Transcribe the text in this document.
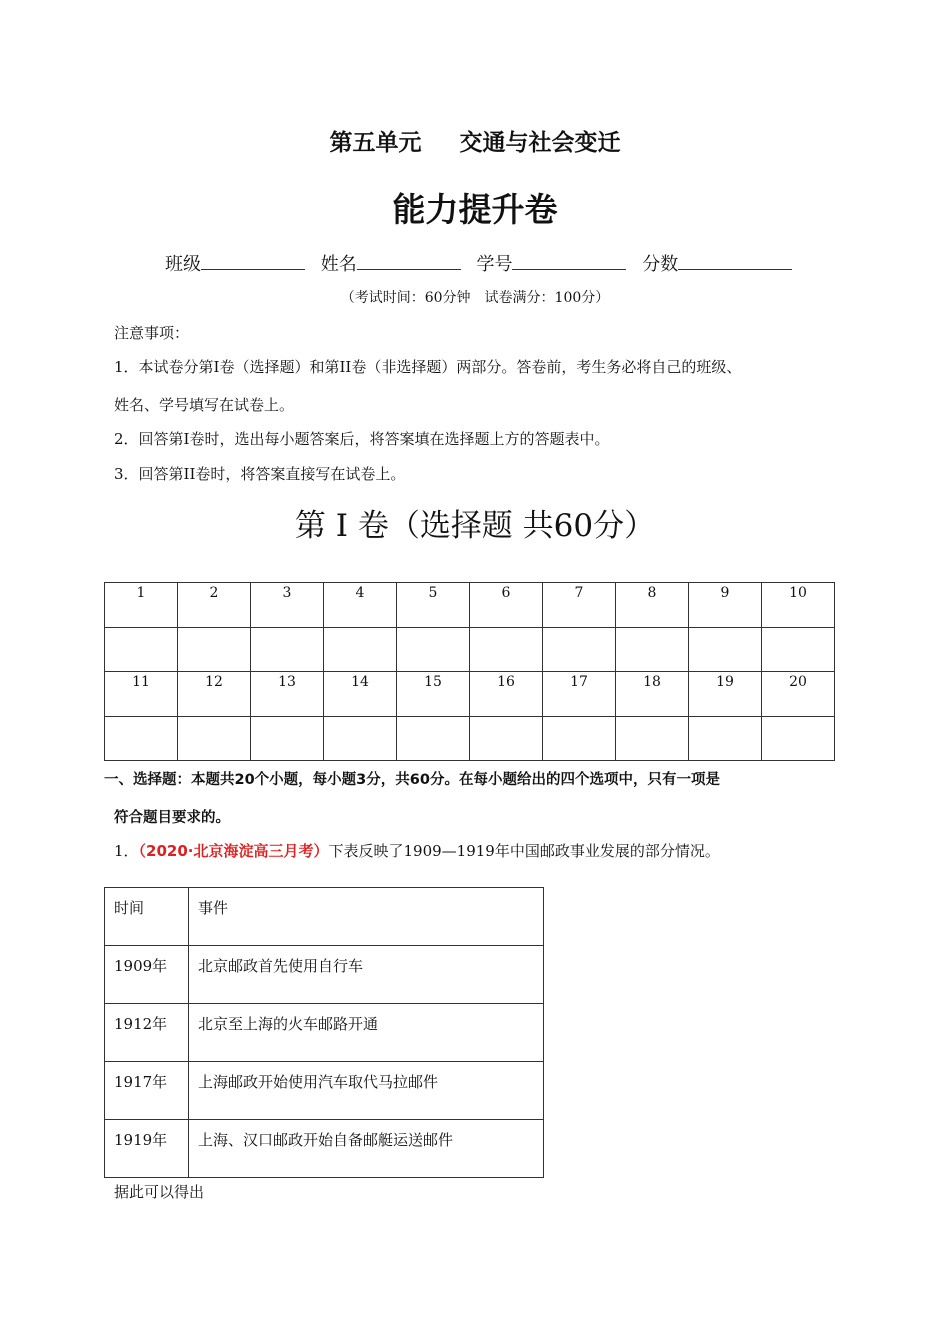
第五单元 交通与社会变迁
能力提升卷
班级	姓名	学号	分数
（考试时间：60分钟　试卷满分：100分）
注意事项：
1．本试卷分第I卷（选择题）和第II卷（非选择题）两部分。答卷前，考生务必将自己的班级、
姓名、学号填写在试卷上。
2．回答第I卷时，选出每小题答案后，将答案填在选择题上方的答题表中。
3．回答第II卷时，将答案直接写在试卷上。
第 I 卷（选择题 共60分）
1	2	3	4	5	6	7	8	9	10

11	12	13	14	15	16	17	18	19	20

一、选择题：本题共20个小题，每小题3分，共60分。在每小题给出的四个选项中，只有一项是
符合题目要求的。
1．（2020·北京海淀高三月考）下表反映了1909—1919年中国邮政事业发展的部分情况。
时间	事件
1909年	北京邮政首先使用自行车
1912年	北京至上海的火车邮路开通
1917年	上海邮政开始使用汽车取代马拉邮件
1919年	上海、汉口邮政开始自备邮艇运送邮件
据此可以得出
